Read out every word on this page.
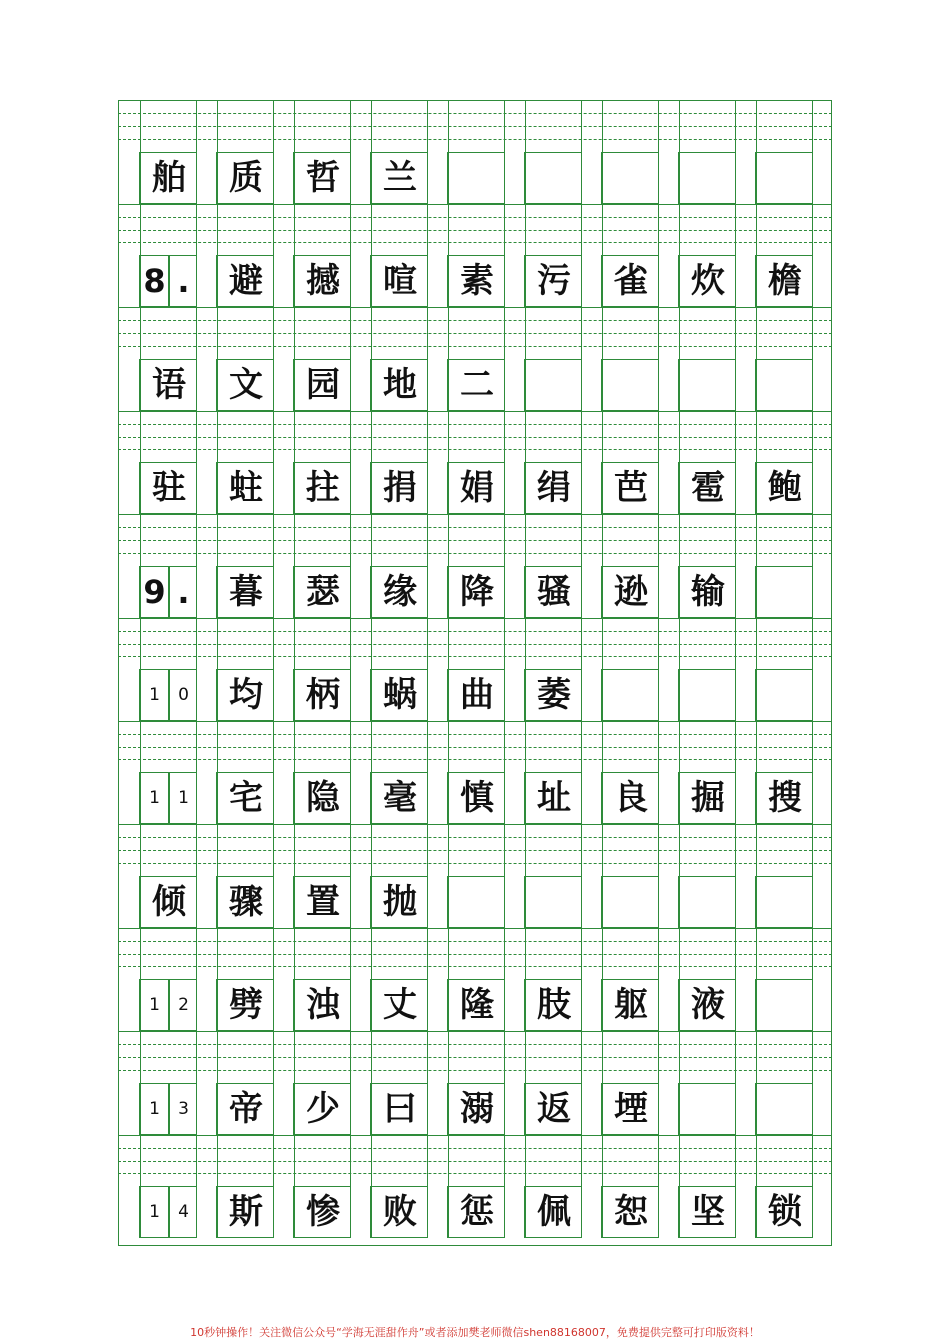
舶 质 哲 兰
8 . 避 撼 喧 素 污 雀 炊 檐
语 文 园 地 二
驻 蛀 拄 捐 娟 绢 芭 雹 鲍
9 . 暮 瑟 缘 降 骚 逊 输
1 0 均 柄 蜗 曲 萎
1 1 宅 隐 毫 慎 址 良 掘 搜
倾 骤 置 抛
1 2 劈 浊 丈 隆 肢 躯 液
1 3 帝 少 曰 溺 返 堙
1 4 斯 惨 败 惩 佩 恕 坚 锁
10秒钟操作！关注微信公众号“学海无涯甜作舟”或者添加樊老师微信shen88168007，免费提供完整可打印版资料！
